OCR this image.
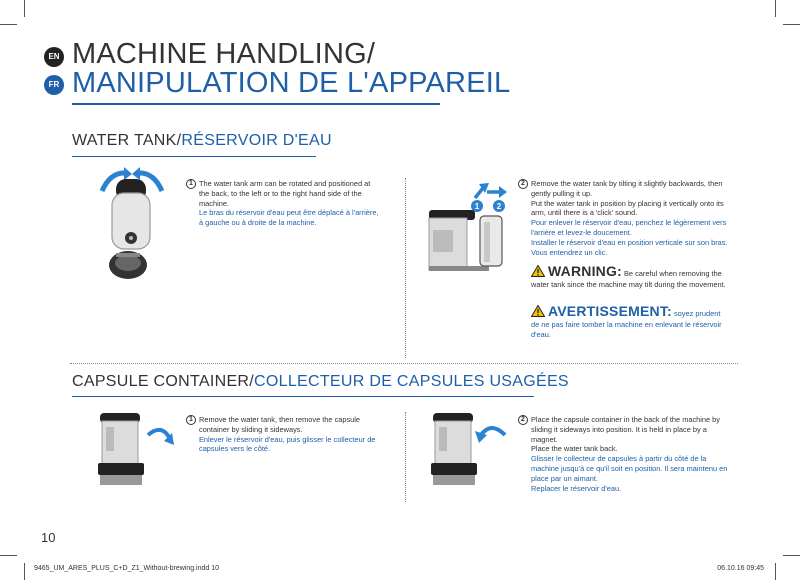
EN
FR
MACHINE HANDLING/
MANIPULATION DE L'APPAREIL
WATER TANK/RÉSERVOIR D'EAU
1 The water tank arm can be rotated and positioned at the back, to the left or to the right hand side of the machine.
Le bras du réservoir d'eau peut être déplacé à l'arrière, à gauche ou à droite de la machine.
1 2
2 Remove the water tank by tilting it slightly backwards, then gently pulling it up.
Put the water tank in position by placing it vertically onto its arm, until there is a 'click' sound.
Pour enlever le réservoir d'eau, penchez le légèrement vers l'arrière et levez-le doucement.
Installer le réservoir d'eau en position verticale sur son bras. Vous entendrez un clic.
WARNING: Be careful when removing the water tank since the machine may tilt during the movement.
AVERTISSEMENT: soyez prudent de ne pas faire tomber la machine en enlevant le réservoir d'eau.
CAPSULE CONTAINER/COLLECTEUR DE CAPSULES USAGÉES
1 Remove the water tank, then remove the capsule container by sliding it sideways.
Enlever le réservoir d'eau, puis glisser le collecteur de capsules vers le côté.
2 Place the capsule container in the back of the machine by sliding it sideways into position. It is held in place by a magnet.
Place the water tank back.
Glisser le collecteur de capsules à partir du côté de la machine jusqu'à ce qu'il soit en position. Il sera maintenu en place par un aimant.
Replacer le réservoir d'eau.
10
9465_UM_ARES_PLUS_C+D_Z1_Without-brewing.indd 10	06.10.16 09:45
